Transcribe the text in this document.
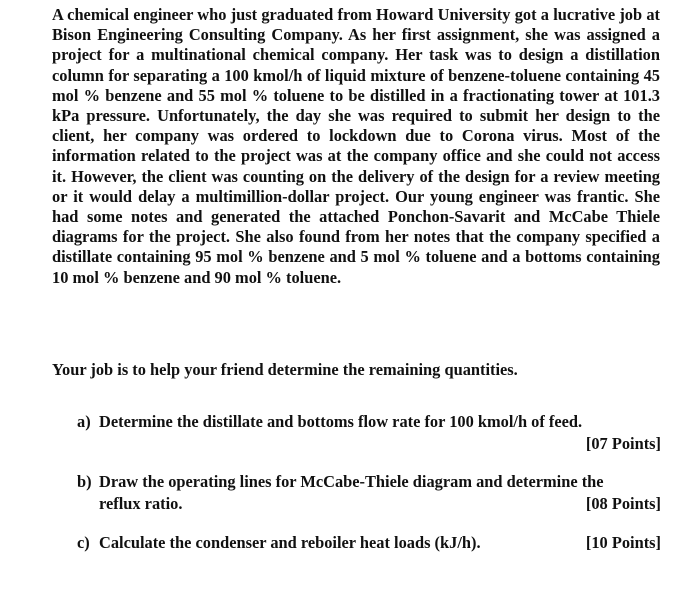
A chemical engineer who just graduated from Howard University got a lucrative job at Bison Engineering Consulting Company. As her first assignment, she was assigned a project for a multinational chemical company. Her task was to design a distillation column for separating a 100 kmol/h of liquid mixture of benzene-toluene containing 45 mol % benzene and 55 mol % toluene to be distilled in a fractionating tower at 101.3 kPa pressure. Unfortunately, the day she was required to submit her design to the client, her company was ordered to lockdown due to Corona virus. Most of the information related to the project was at the company office and she could not access it. However, the client was counting on the delivery of the design for a review meeting or it would delay a multimillion-dollar project. Our young engineer was frantic. She had some notes and generated the attached Ponchon-Savarit and McCabe Thiele diagrams for the project. She also found from her notes that the company specified a distillate containing 95 mol % benzene and 5 mol % toluene and a bottoms containing 10 mol % benzene and 90 mol % toluene.

Your job is to help your friend determine the remaining quantities.

a) Determine the distillate and bottoms flow rate for 100 kmol/h of feed.
[07 Points]
b) Draw the operating lines for McCabe-Thiele diagram and determine the
reflux ratio.	[08 Points]
c) Calculate the condenser and reboiler heat loads (kJ/h).	[10 Points]
